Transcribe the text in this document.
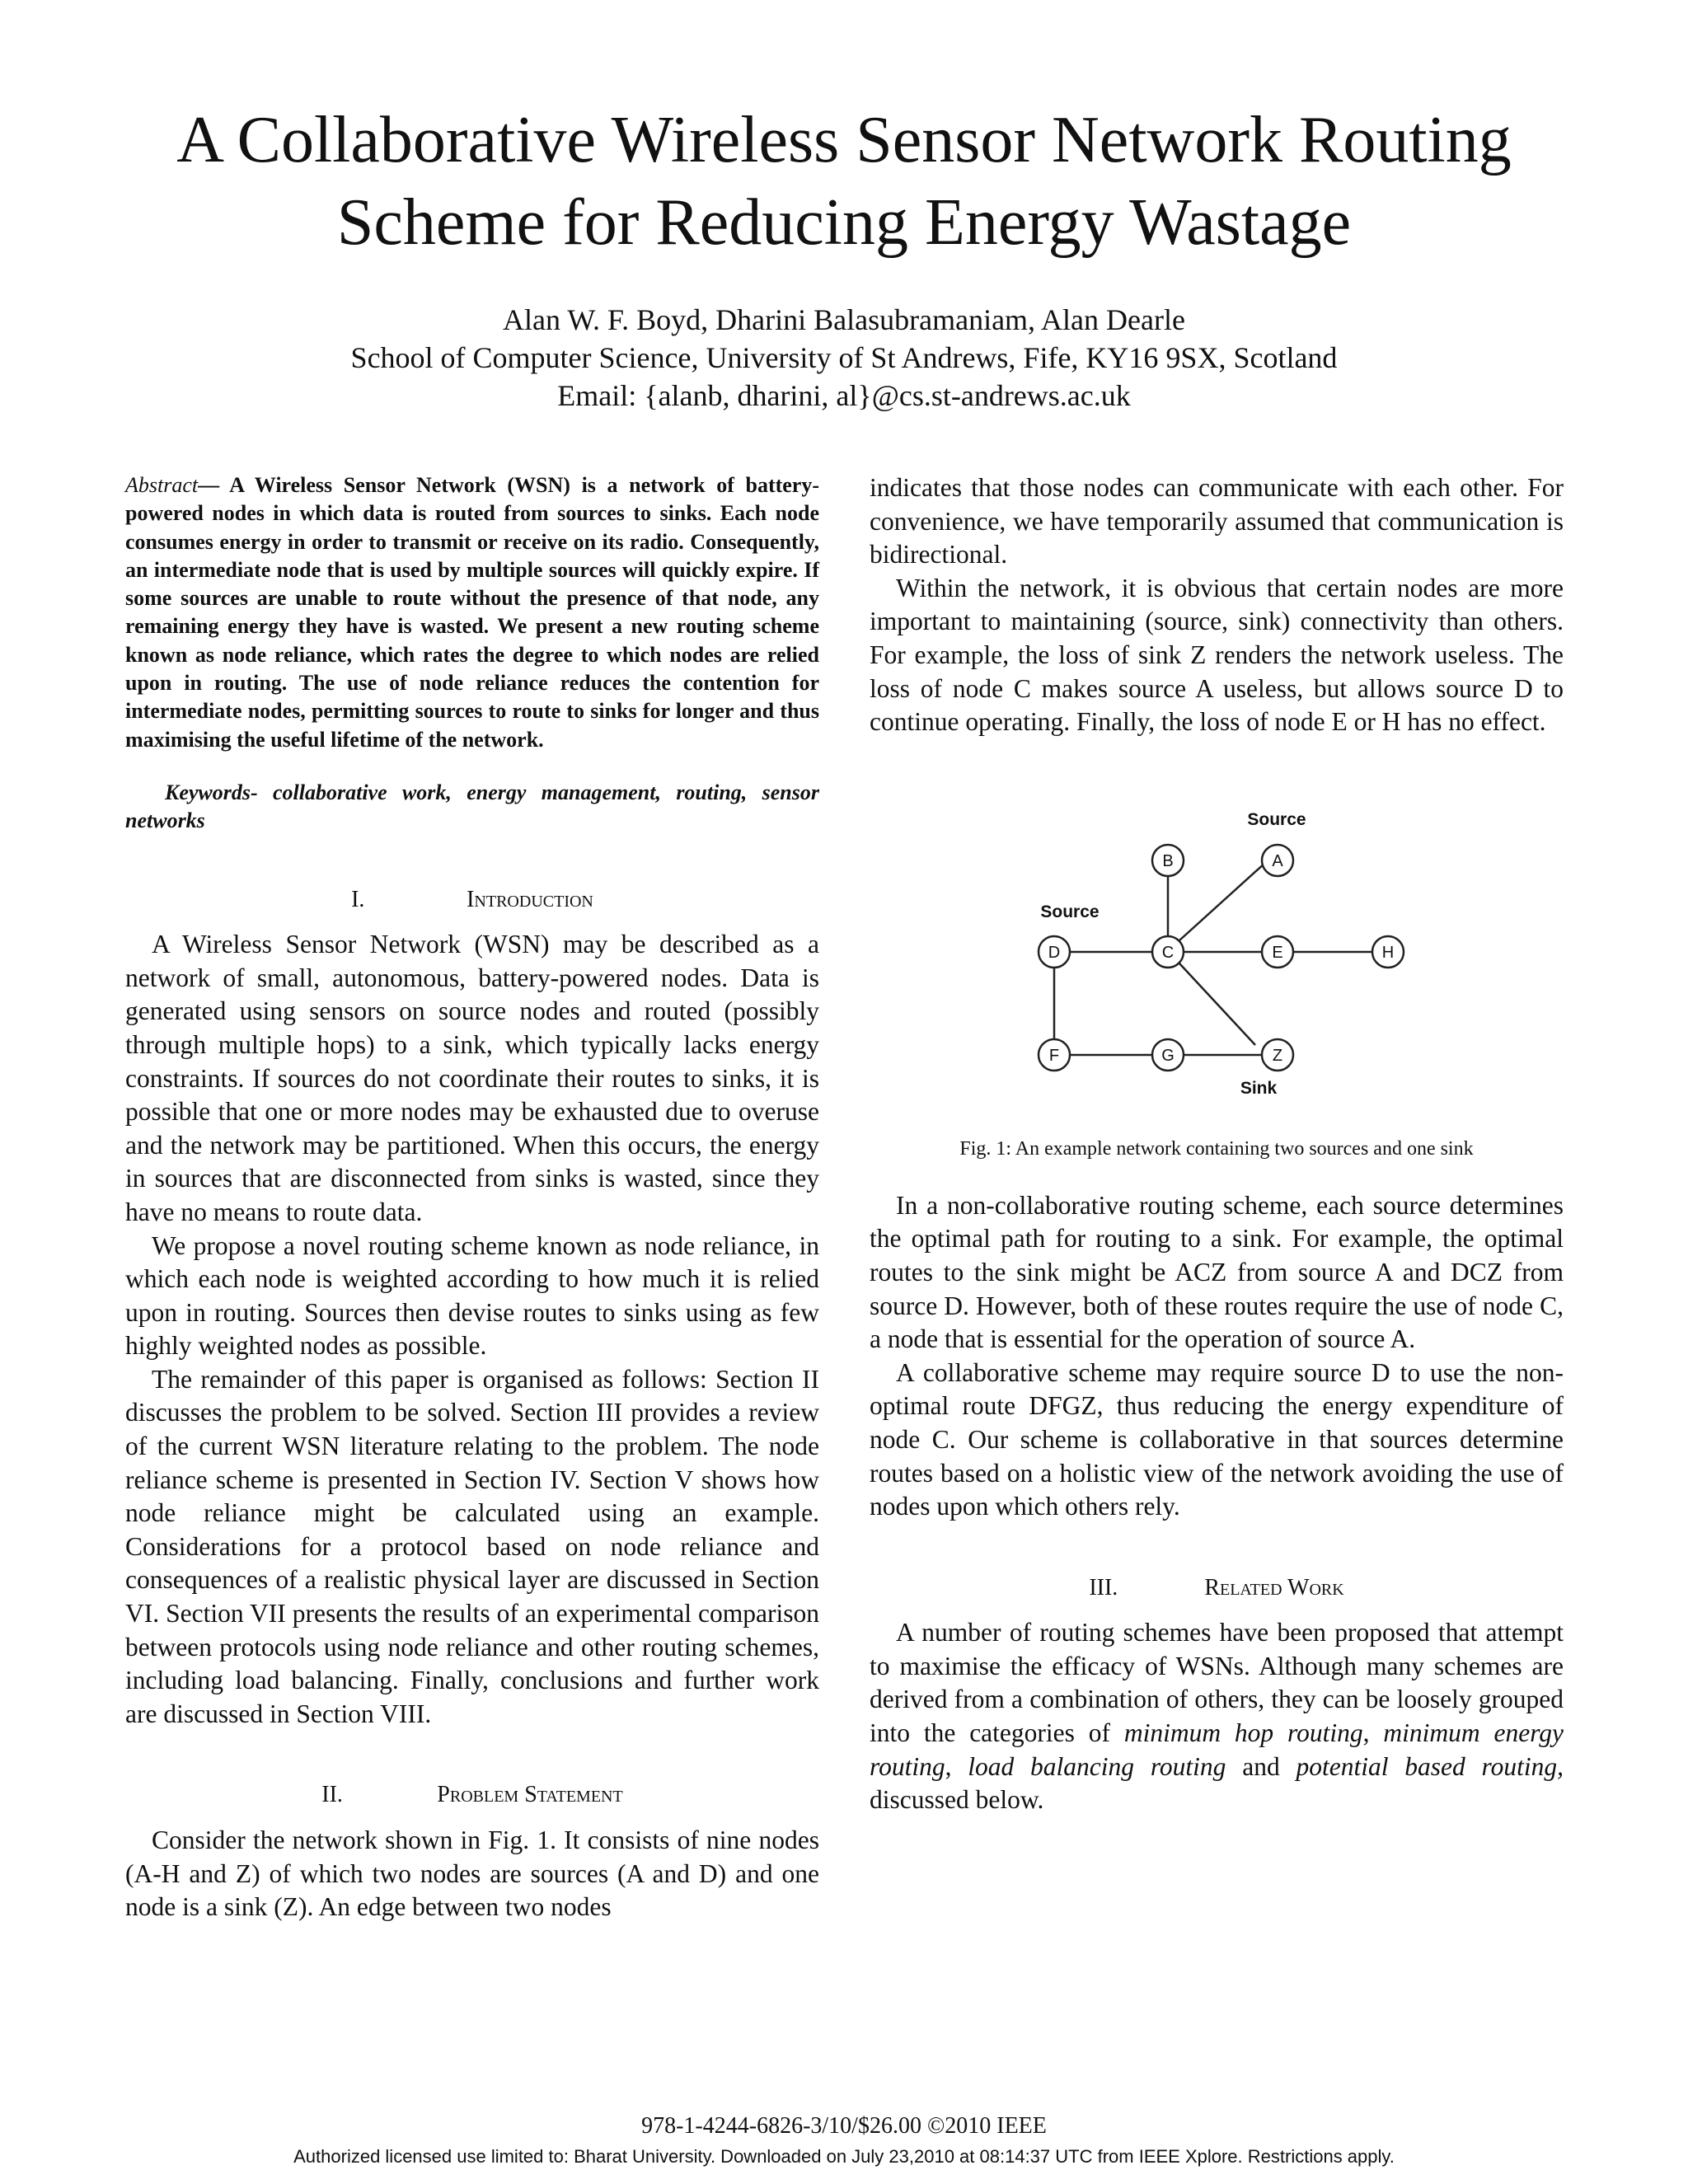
A Collaborative Wireless Sensor Network Routing
Scheme for Reducing Energy Wastage
Alan W. F. Boyd, Dharini Balasubramaniam, Alan Dearle
School of Computer Science, University of St Andrews, Fife, KY16 9SX, Scotland
Email: {alanb, dharini, al}@cs.st-andrews.ac.uk
Abstract— A Wireless Sensor Network (WSN) is a network of battery-powered nodes in which data is routed from sources to sinks. Each node consumes energy in order to transmit or receive on its radio. Consequently, an intermediate node that is used by multiple sources will quickly expire. If some sources are unable to route without the presence of that node, any remaining energy they have is wasted. We present a new routing scheme known as node reliance, which rates the degree to which nodes are relied upon in routing. The use of node reliance reduces the contention for intermediate nodes, permitting sources to route to sinks for longer and thus maximising the useful lifetime of the network.
Keywords- collaborative work, energy management, routing, sensor networks
I.	Introduction

A Wireless Sensor Network (WSN) may be described as a network of small, autonomous, battery-powered nodes. Data is generated using sensors on source nodes and routed (possibly through multiple hops) to a sink, which typically lacks energy constraints. If sources do not coordinate their routes to sinks, it is possible that one or more nodes may be exhausted due to overuse and the network may be partitioned. When this occurs, the energy in sources that are disconnected from sinks is wasted, since they have no means to route data.

We propose a novel routing scheme known as node reliance, in which each node is weighted according to how much it is relied upon in routing. Sources then devise routes to sinks using as few highly weighted nodes as possible.

The remainder of this paper is organised as follows: Section II discusses the problem to be solved. Section III provides a review of the current WSN literature relating to the problem. The node reliance scheme is presented in Section IV. Section V shows how node reliance might be calculated using an example. Considerations for a protocol based on node reliance and consequences of a realistic physical layer are discussed in Section VI. Section VII presents the results of an experimental comparison between protocols using node reliance and other routing schemes, including load balancing. Finally, conclusions and further work are discussed in Section VIII.

II.	Problem Statement

Consider the network shown in Fig. 1. It consists of nine nodes (A-H and Z) of which two nodes are sources (A and D) and one node is a sink (Z). An edge between two nodes

indicates that those nodes can communicate with each other. For convenience, we have temporarily assumed that communication is bidirectional.

Within the network, it is obvious that certain nodes are more important to maintaining (source, sink) connectivity than others. For example, the loss of sink Z renders the network useless. The loss of node C makes source A useless, but allows source D to continue operating. Finally, the loss of node E or H has no effect.

B	A
D	C	E	H
F	G	Z
Source
Source
Sink
Fig. 1: An example network containing two sources and one sink

In a non-collaborative routing scheme, each source determines the optimal path for routing to a sink. For example, the optimal routes to the sink might be ACZ from source A and DCZ from source D. However, both of these routes require the use of node C, a node that is essential for the operation of source A.

A collaborative scheme may require source D to use the non-optimal route DFGZ, thus reducing the energy expenditure of node C. Our scheme is collaborative in that sources determine routes based on a holistic view of the network avoiding the use of nodes upon which others rely.

III.	Related Work

A number of routing schemes have been proposed that attempt to maximise the efficacy of WSNs. Although many schemes are derived from a combination of others, they can be loosely grouped into the categories of minimum hop routing, minimum energy routing, load balancing routing and potential based routing, discussed below.

978-1-4244-6826-3/10/$26.00 ©2010 IEEE
Authorized licensed use limited to: Bharat University. Downloaded on July 23,2010 at 08:14:37 UTC from IEEE Xplore. Restrictions apply.
